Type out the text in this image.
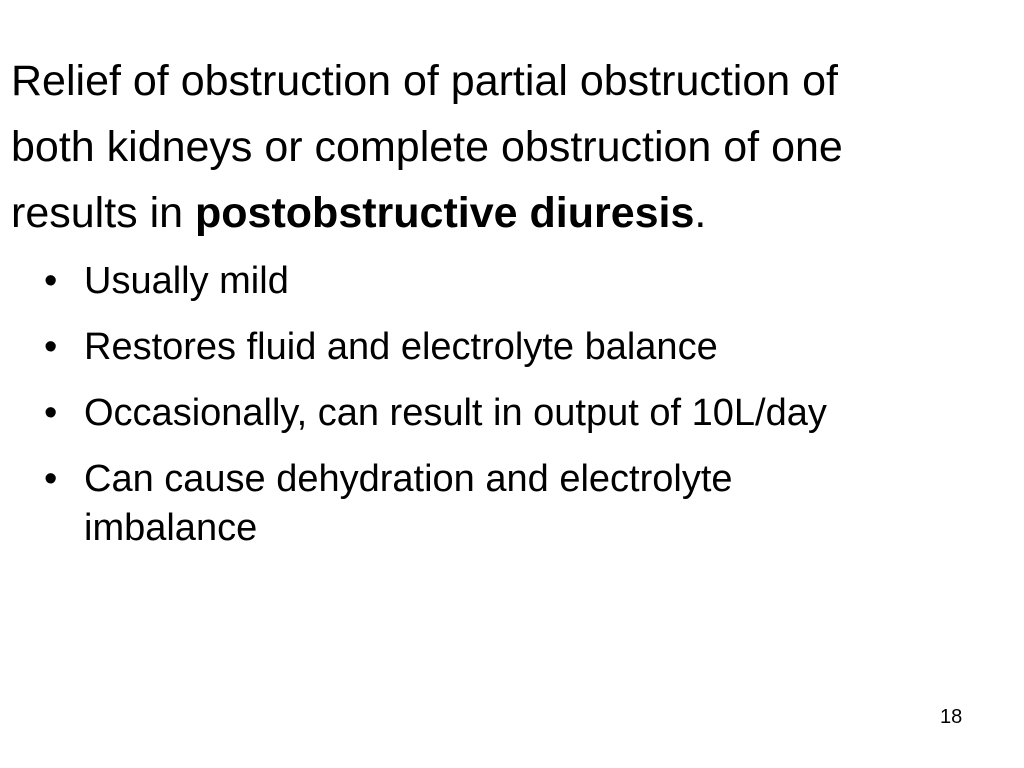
Relief of obstruction of partial obstruction of
both kidneys or complete obstruction of one
results in postobstructive diuresis.
• Usually mild
• Restores fluid and electrolyte balance
• Occasionally, can result in output of 10L/day
• Can cause dehydration and electrolyte
imbalance
18
